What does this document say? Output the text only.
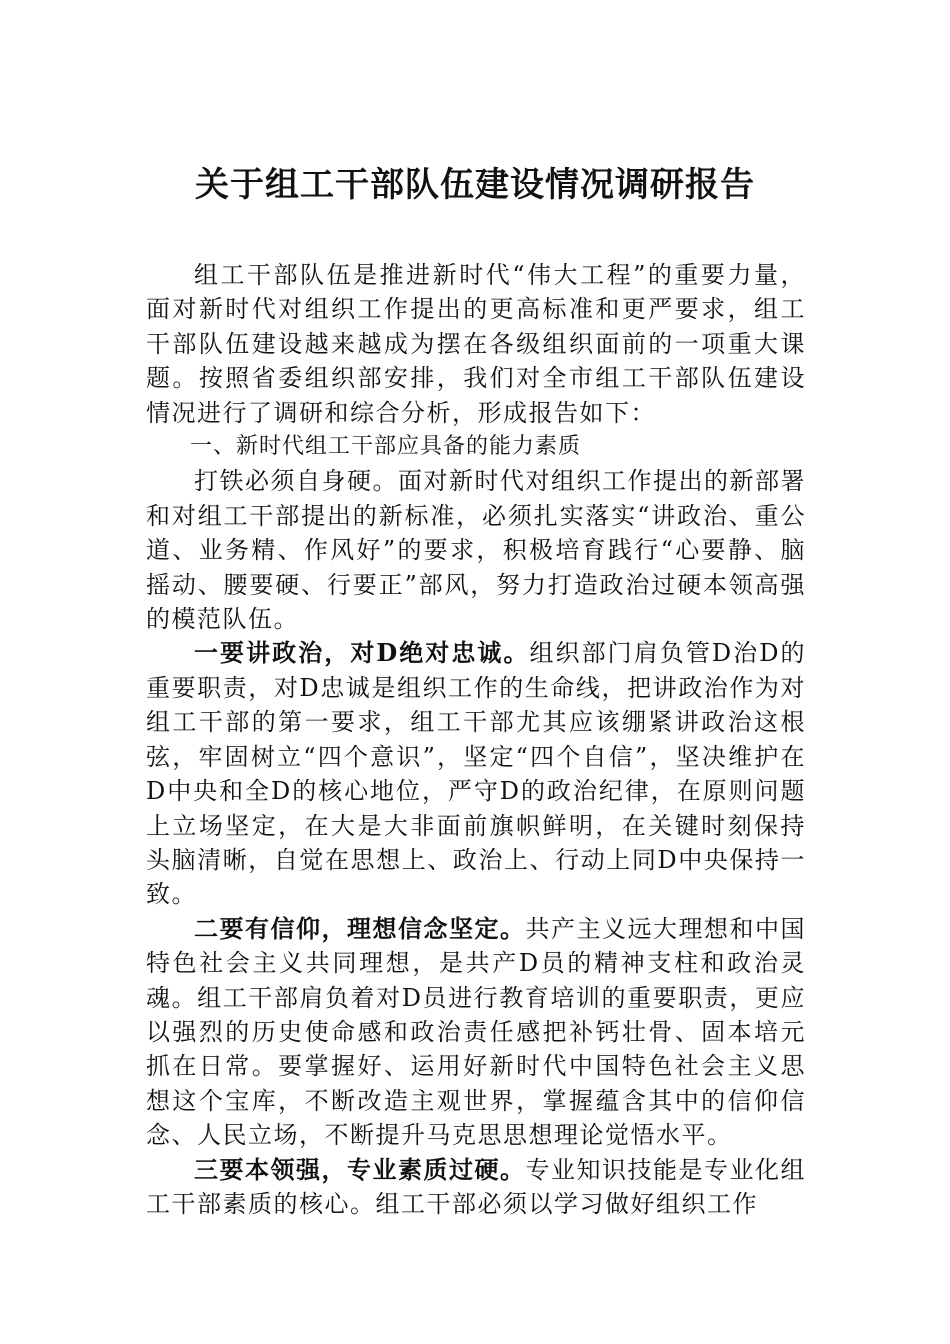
关于组工干部队伍建设情况调研报告

组工干部队伍是推进新时代“伟大工程”的重要力量，面对新时代对组织工作提出的更高标准和更严要求，组工干部队伍建设越来越成为摆在各级组织面前的一项重大课题。按照省委组织部安排，我们对全市组工干部队伍建设情况进行了调研和综合分析，形成报告如下：

一、新时代组工干部应具备的能力素质

打铁必须自身硬。面对新时代对组织工作提出的新部署和对组工干部提出的新标准，必须扎实落实“讲政治、重公道、业务精、作风好”的要求，积极培育践行“心要静、脑摇动、腰要硬、行要正”部风，努力打造政治过硬本领高强的模范队伍。

一要讲政治，对D绝对忠诚。组织部门肩负管D治D的重要职责，对D忠诚是组织工作的生命线，把讲政治作为对组工干部的第一要求，组工干部尤其应该绷紧讲政治这根弦，牢固树立“四个意识”，坚定“四个自信”，坚决维护在D中央和全D的核心地位，严守D的政治纪律，在原则问题上立场坚定，在大是大非面前旗帜鲜明，在关键时刻保持头脑清晰，自觉在思想上、政治上、行动上同D中央保持一致。

二要有信仰，理想信念坚定。共产主义远大理想和中国特色社会主义共同理想，是共产D员的精神支柱和政治灵魂。组工干部肩负着对D员进行教育培训的重要职责，更应以强烈的历史使命感和政治责任感把补钙壮骨、固本培元抓在日常。要掌握好、运用好新时代中国特色社会主义思想这个宝库，不断改造主观世界，掌握蕴含其中的信仰信念、人民立场，不断提升马克思思想理论觉悟水平。

三要本领强，专业素质过硬。专业知识技能是专业化组工干部素质的核心。组工干部必须以学习做好组织工作
